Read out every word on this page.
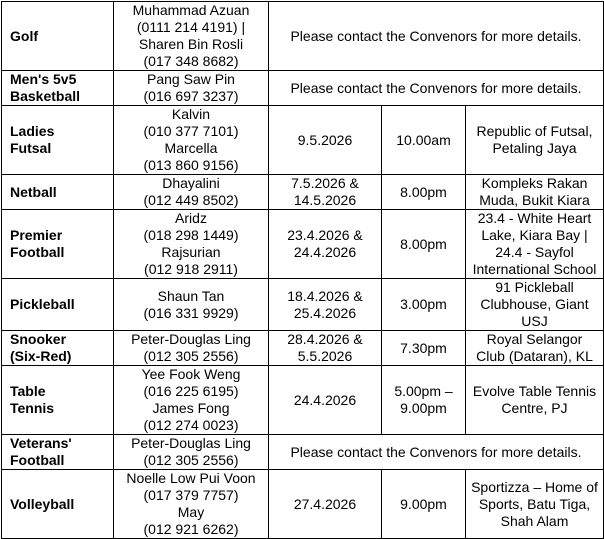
Golf	Muhammad Azuan
(0111 214 4191) |
Sharen Bin Rosli
(017 348 8682)	Please contact the Convenors for more details.		

Men's 5v5
Basketball	Pang Saw Pin
(016 697 3237)	Please contact the Convenors for more details.		

Ladies
Futsal	Kalvin
(010 377 7101)
Marcella
(013 860 9156)	9.5.2026	10.00am	Republic of Futsal,
Petaling Jaya

Netball	Dhayalini
(012 449 8502)	7.5.2026 &
14.5.2026	8.00pm	Kompleks Rakan
Muda, Bukit Kiara

Premier
Football	Aridz
(018 298 1449)
Rajsurian
(012 918 2911)	23.4.2026 &
24.4.2026	8.00pm	23.4 - White Heart
Lake, Kiara Bay |
24.4 - Sayfol
International School

Pickleball	Shaun Tan
(016 331 9929)	18.4.2026 &
25.4.2026	3.00pm	91 Pickleball
Clubhouse, Giant
USJ

Snooker
(Six-Red)	Peter-Douglas Ling
(012 305 2556)	28.4.2026 &
5.5.2026	7.30pm	Royal Selangor
Club (Dataran), KL

Table
Tennis	Yee Fook Weng
(016 225 6195)
James Fong
(012 274 0023)	24.4.2026	5.00pm –
9.00pm	Evolve Table Tennis
Centre, PJ

Veterans'
Football	Peter-Douglas Ling
(012 305 2556)	Please contact the Convenors for more details.		

Volleyball	Noelle Low Pui Voon
(017 379 7757)
May
(012 921 6262)	27.4.2026	9.00pm	Sportizza – Home of
Sports, Batu Tiga,
Shah Alam
